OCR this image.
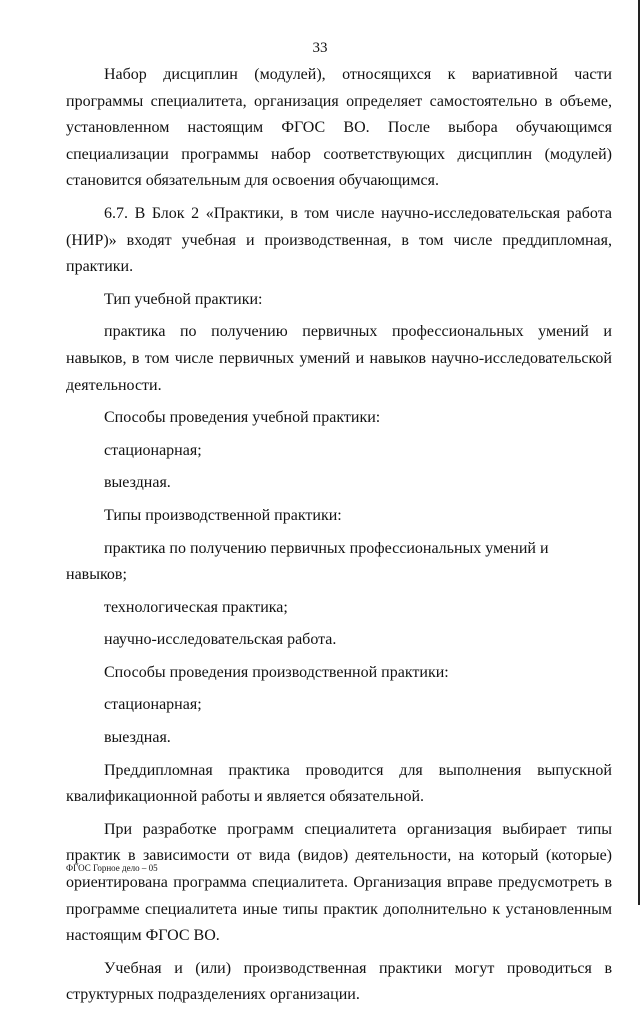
33

Набор дисциплин (модулей), относящихся к вариативной части программы специалитета, организация определяет самостоятельно в объеме, установленном настоящим ФГОС ВО. После выбора обучающимся специализации программы набор соответствующих дисциплин (модулей) становится обязательным для освоения обучающимся.

6.7. В Блок 2 «Практики, в том числе научно-исследовательская работа (НИР)» входят учебная и производственная, в том числе преддипломная, практики.

Тип учебной практики:

практика по получению первичных профессиональных умений и навыков, в том числе первичных умений и навыков научно-исследовательской деятельности.

Способы проведения учебной практики:

стационарная;

выездная.

Типы производственной практики:

практика по получению первичных профессиональных умений и навыков;

технологическая практика;

научно-исследовательская работа.

Способы проведения производственной практики:

стационарная;

выездная.

Преддипломная практика проводится для выполнения выпускной квалификационной работы и является обязательной.

При разработке программ специалитета организация выбирает типы практик в зависимости от вида (видов) деятельности, на который (которые) ориентирована программа специалитета. Организация вправе предусмотреть в программе специалитета иные типы практик дополнительно к установленным настоящим ФГОС ВО.

Учебная и (или) производственная практики могут проводиться в структурных подразделениях организации.

ФГОС Горное дело – 05
